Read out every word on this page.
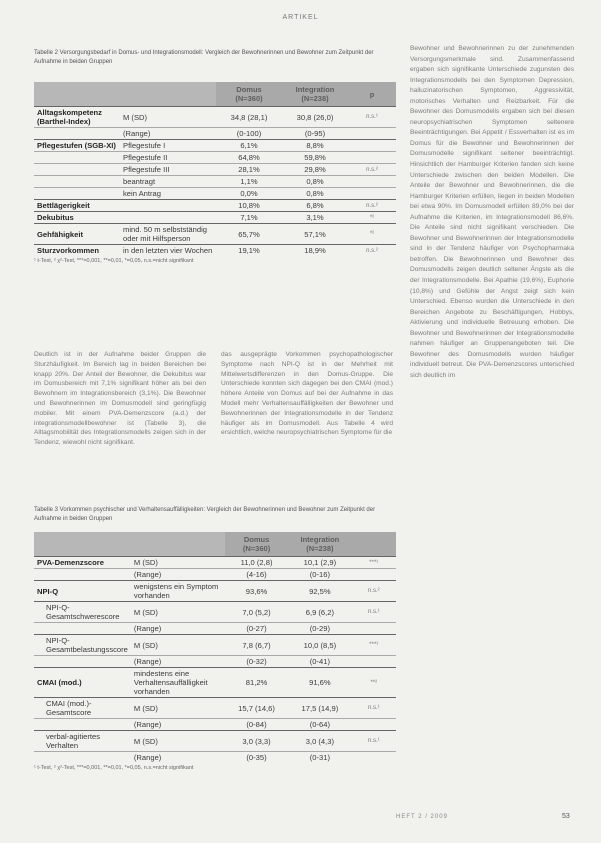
ARTIKEL
Tabelle 2 Versorgungsbedarf in Domus- und Integrationsmodell: Vergleich der Bewohnerinnen und Bewohner zum Zeitpunkt der Aufnahme in beiden Gruppen
		Domus
(N=360)	Integration
(N=238)	p
Alltagskompetenz (Barthel-Index)	M (SD)	34,8 (28,1)	30,8 (26,0)	n.s.¹
	(Range)	(0-100)	(0-95)	
Pflegestufen (SGB-XI)	Pflegestufe I	6,1%	8,8%	
	Pflegestufe II	64,8%	59,8%	
	Pflegestufe III	28,1%	29,8%	n.s.²
	beantragt	1,1%	0,8%	
	kein Antrag	0,0%	0,8%	
Bettlägerigkeit		10,8%	6,8%	n.s.²
Dekubitus		7,1%	3,1%	*²
Gehfähigkeit	mind. 50 m selbstständig oder mit Hilfsperson	65,7%	57,1%	*²
Sturzvorkommen	in den letzten vier Wochen	19,1%	18,9%	n.s.²
¹ t-Test, ² χ²-Test, ***=0,001, **=0,01, *=0,05, n.s.=nicht signifikant
Deutlich ist in der Aufnahme beider Gruppen die Sturzhäufigkeit. Im Bereich lag in beiden Bereichen bei knapp 20%. Der Anteil der Bewohner, die Dekubitus war im Domusbereich mit 7,1% signifikant höher als bei den Bewohnern im Integrationsbereich (3,1%). Die Bewohner und Bewohnerinnen im Domusmodell sind geringfügig mobiler. Mit einem PVA-Demenzscore (a.d.) der integrationsmodellbewohner ist (Tabelle 3), die Alltagsmobilität des Integrationsmodells zeigen sich in der Tendenz, wiewohl nicht signifikant.
das ausgeprägte Vorkommen psychopathologischer Symptome nach NPI-Q ist in der Mehrheit mit Mittelwertsdifferenzen in den Domus-Gruppe. Die Unterschiede konnten sich dagegen bei den CMAI (mod.) höhere Anteile von Domus auf bei der Aufnahme in das Modell mehr Verhaltensauffälligkeiten der Bewohner und Bewohnerinnen der Integrationsmodelle in der Tendenz häufiger als im Domusmodell. Aus Tabelle 4 wird ersichtlich, welche neuropsychiatrischen Symptome für die
Tabelle 3 Vorkommen psychischer und Verhaltensauffälligkeiten: Vergleich der Bewohnerinnen und Bewohner zum Zeitpunkt der Aufnahme in beiden Gruppen
		Domus
(N=360)	Integration
(N=238)	
PVA-Demenzscore	M (SD)	11,0 (2,8)	10,1 (2,9)	***¹
	(Range)	(4-16)	(0-16)	
NPI-Q	wenigstens ein Symptom vorhanden	93,6%	92,5%	n.s.²
NPI-Q-Gesamtschwerescore	M (SD)	7,0 (5,2)	6,9 (6,2)	n.s.¹
	(Range)	(0-27)	(0-29)	
NPI-Q-Gesamtbelastungsscore	M (SD)	7,8 (6,7)	10,0 (8,5)	***¹
	(Range)	(0-32)	(0-41)	
CMAI (mod.)	mindestens eine Verhaltensauffälligkeit vorhanden	81,2%	91,6%	**²
CMAI (mod.)-Gesamtscore	M (SD)	15,7 (14,6)	17,5 (14,9)	n.s.¹
	(Range)	(0-84)	(0-64)	
verbal-agitiertes Verhalten	M (SD)	3,0 (3,3)	3,0 (4,3)	n.s.¹
	(Range)	(0-35)	(0-31)	
¹ t-Test, ² χ²-Test, ***=0,001, **=0,01, *=0,05, n.s.=nicht signifikant
Bewohner und Bewohnerinnen zu der zunehmenden Versorgungsmerkmale sind. Zusammenfassend ergaben sich signifikante Unterschiede zugunsten des Integrationsmodells bei den Symptomen Depression, halluzinatorischen Symptomen, Aggressivität, motorisches Verhalten und Reizbarkeit. Für die Bewohner des Domusmodells ergaben sich bei diesen neuropsychiatrischen Symptomen seltenere Beeinträchtigungen. Bei Appetit / Essverhalten ist es im Domus für die Bewohner und Bewohnerinnen der Domusmodelle signifikant seltener beeinträchtigt. Hinsichtlich der Hamburger Kriterien fanden sich keine Unterschiede zwischen den beiden Modellen. Die Anteile der Bewohner und Bewohnerinnen, die die Hamburger Kriterien erfüllen, liegen in beiden Modellen bei etwa 90%. Im Domusmodell erfüllen 89,0% bei der Aufnahme die Kriterien, im Integrationsmodell 86,6%. Die Anteile sind nicht signifikant verschieden. Die Bewohner und Bewohnerinnen der Integrationsmodelle sind in der Tendenz häufiger von Psychopharmaka betroffen. Die Bewohnerinnen und Bewohner des Domusmodells zeigen deutlich seltener Ängste als die der Integrationsmodelle. Bei Apathie (19,6%), Euphorie (10,8%) und Gefühle der Angst zeigt sich kein Unterschied. Ebenso wurden die Unterschiede in den Bereichen Angebote zu Beschäftigungen, Hobbys, Aktivierung und individuelle Betreuung erhoben. Die Bewohner und Bewohnerinnen der Integrationsmodelle nahmen häufiger an Gruppenangeboten teil. Die Bewohner des Domusmodells wurden häufiger individuell betreut. Die PVA-Demenzscores unterschied sich deutlich im
HEFT 2 / 2009	53
